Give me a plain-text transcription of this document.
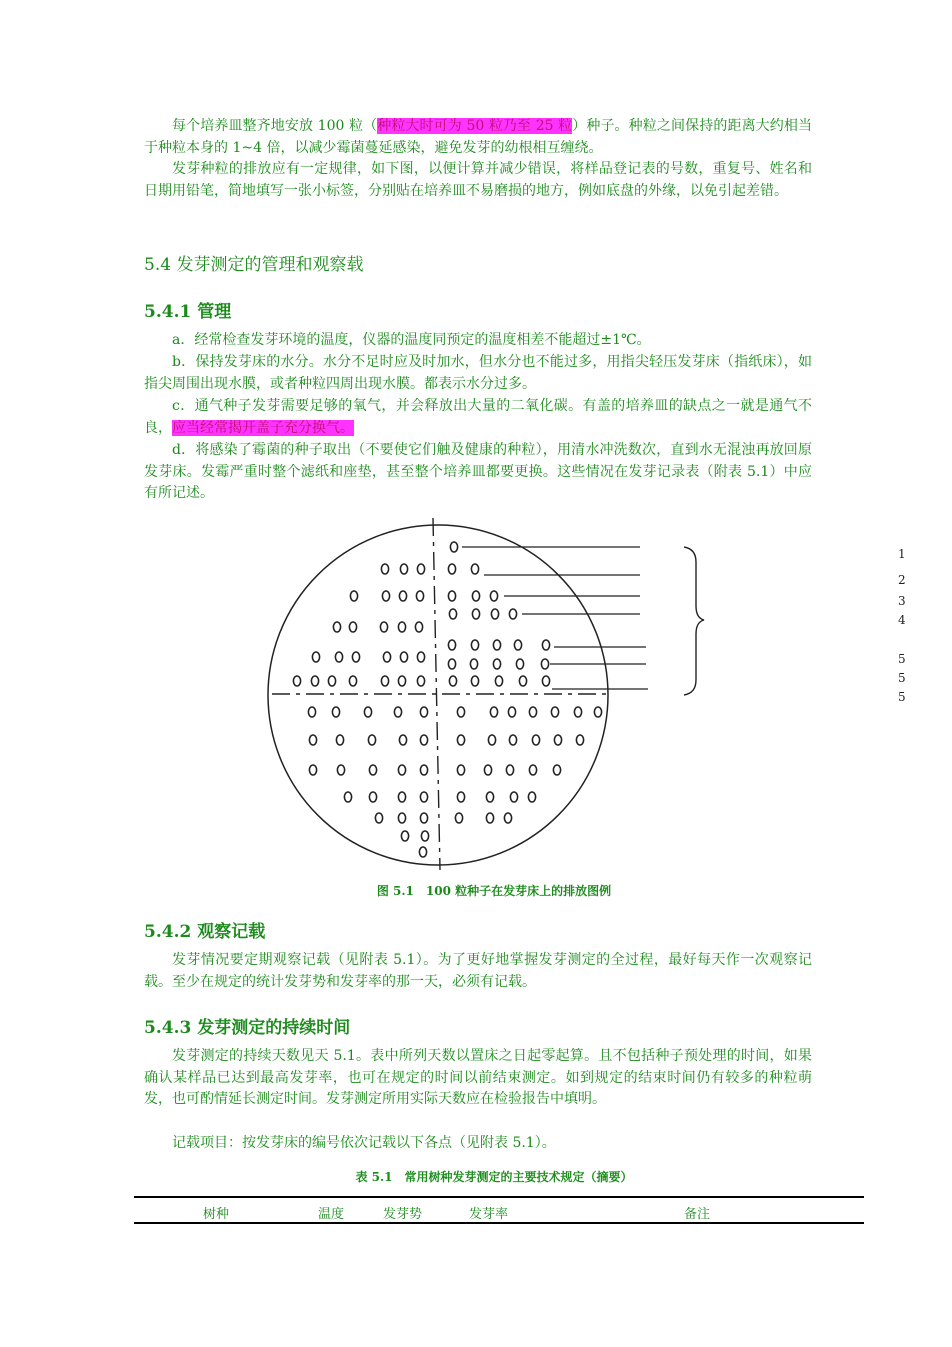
每个培养皿整齐地安放 100 粒（种粒大时可为 50 粒乃至 25 粒）种子。种粒之间保持的距离大约相当于种粒本身的 1~4 倍，以减少霉菌蔓延感染，避免发芽的幼根相互缠绕。

发芽种粒的排放应有一定规律，如下图，以便计算并减少错误，将样品登记表的号数，重复号、姓名和日期用铅笔，简地填写一张小标签，分别贴在培养皿不易磨损的地方，例如底盘的外缘，以免引起差错。

5.4 发芽测定的管理和观察载
5.4.1 管理

a．经常检查发芽环境的温度，仪器的温度同预定的温度相差不能超过±1℃。

b．保持发芽床的水分。水分不足时应及时加水，但水分也不能过多，用指尖轻压发芽床（指纸床），如指尖周围出现水膜，或者种粒四周出现水膜。都表示水分过多。

c．通气种子发芽需要足够的氧气，并会释放出大量的二氧化碳。有盖的培养皿的缺点之一就是通气不良，应当经常揭开盖子充分换气。

d．将感染了霉菌的种子取出（不要使它们触及健康的种粒），用清水冲洗数次，直到水无混浊再放回原发芽床。发霉严重时整个滤纸和座垫，甚至整个培养皿都要更换。这些情况在发芽记录表（附表 5.1）中应有所记述。

1
2
3
4
5
5
5

图 5.1　100 粒种子在发芽床上的排放图例

5.4.2 观察记载

发芽情况要定期观察记载（见附表 5.1）。为了更好地掌握发芽测定的全过程，最好每天作一次观察记载。至少在规定的统计发芽势和发芽率的那一天，必须有记载。

5.4.3 发芽测定的持续时间

发芽测定的持续天数见天 5.1。表中所列天数以置床之日起零起算。且不包括种子预处理的时间，如果确认某样品已达到最高发芽率，也可在规定的时间以前结束测定。如到规定的结束时间仍有较多的种粒萌发，也可酌情延长测定时间。发芽测定所用实际天数应在检验报告中填明。

记载项目：按发芽床的编号依次记载以下各点（见附表 5.1）。

表 5.1　常用树种发芽测定的主要技术规定（摘要）

树种	温度	发芽势	发芽率	备注
